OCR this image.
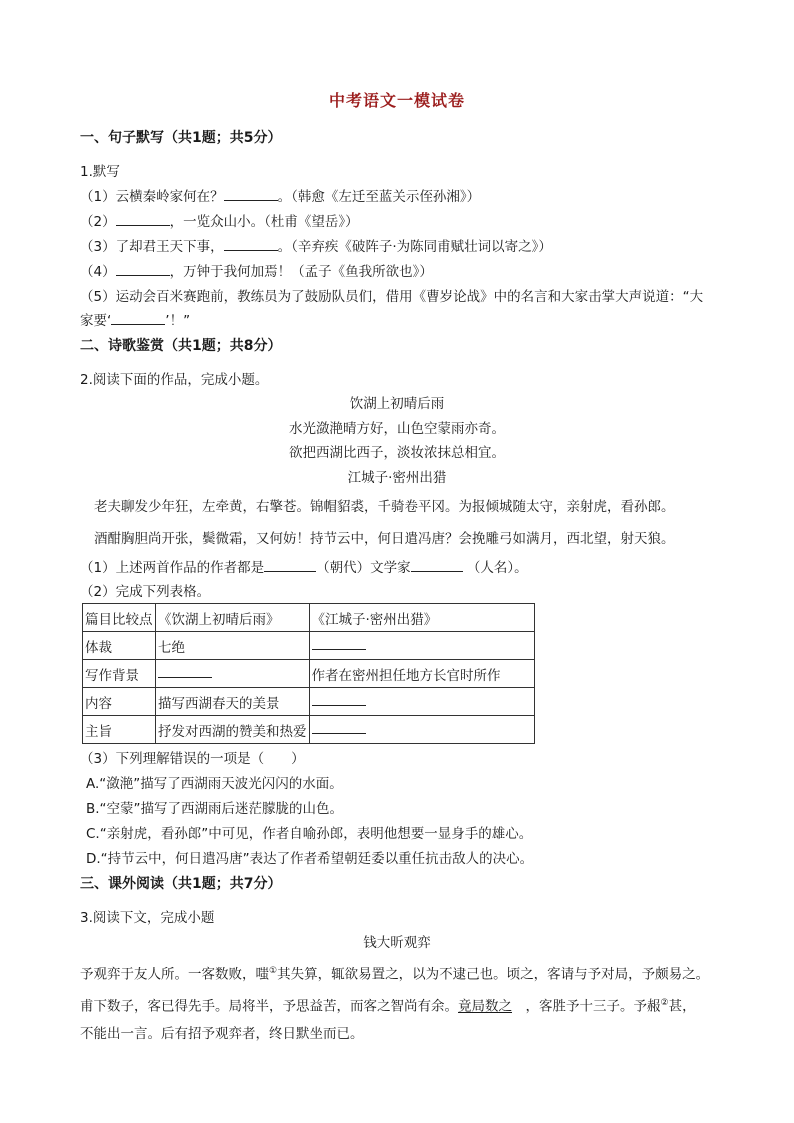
中考语文一模试卷
一、句子默写（共1题；共5分）
1.默写
（1）云横秦岭家何在？	。（韩愈《左迁至蓝关示侄孙湘》）
（2）	，一览众山小。（杜甫《望岳》）
（3）了却君王天下事，	。（辛弃疾《破阵子·为陈同甫赋壮词以寄之》）
（4）	，万钟于我何加焉！（孟子《鱼我所欲也》）
（5）运动会百米赛跑前，教练员为了鼓励队员们，借用《曹岁论战》中的名言和大家击掌大声说道：“大
家要‘	’！”
二、诗歌鉴赏（共1题；共8分）
2.阅读下面的作品，完成小题。
饮湖上初晴后雨
水光潋滟晴方好，山色空蒙雨亦奇。
欲把西湖比西子，淡妆浓抹总相宜。
江城子·密州出猎
老夫聊发少年狂，左牵黄，右擎苍。锦帽貂裘，千骑卷平冈。为报倾城随太守，亲射虎，看孙郎。
酒酣胸胆尚开张，鬓微霜，又何妨！持节云中，何日遣冯唐？会挽雕弓如满月，西北望，射天狼。
（1）上述两首作品的作者都是	（朝代）文学家	（人名）。
（2）完成下列表格。
篇目比较点	《饮湖上初晴后雨》	《江城子·密州出猎》
体裁	七绝	
写作背景		作者在密州担任地方长官时所作
内容	描写西湖春天的美景	
主旨	抒发对西湖的赞美和热爱	
（3）下列理解错误的一项是（　　）
A.“潋滟”描写了西湖雨天波光闪闪的水面。
B.“空蒙”描写了西湖雨后迷茫朦胧的山色。
C.“亲射虎，看孙郎”中可见，作者自喻孙郎，表明他想要一显身手的雄心。
D.“持节云中，何日遣冯唐”表达了作者希望朝廷委以重任抗击敌人的决心。
三、课外阅读（共1题；共7分）
3.阅读下文，完成小题
钱大昕观弈
予观弈于友人所。一客数败，嗤①其失算，辄欲易置之，以为不逮己也。顷之，客请与予对局，予颇易之。
甫下数子，客已得先手。局将半，予思益苦，而客之智尚有余。竟局数之　，客胜予十三子。予赧②甚，
不能出一言。后有招予观弈者，终日默坐而已。
